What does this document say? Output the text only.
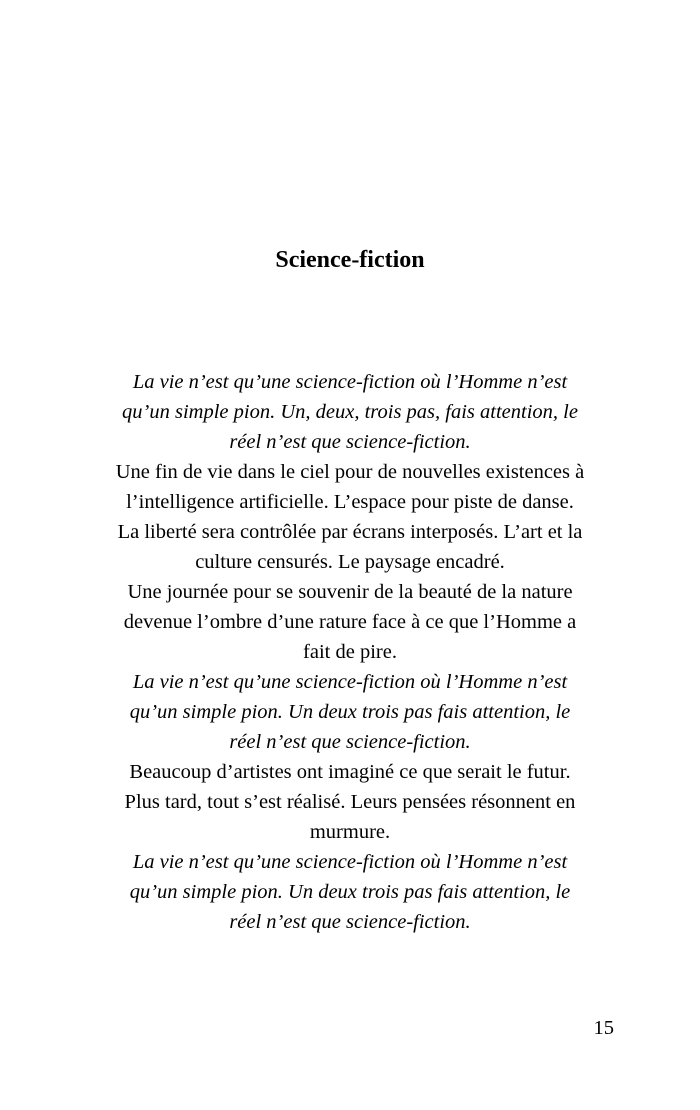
Science-fiction

La vie n’est qu’une science-fiction où l’Homme n’est
qu’un simple pion. Un, deux, trois pas, fais attention, le
réel n’est que science-fiction.

Une fin de vie dans le ciel pour de nouvelles existences à
l’intelligence artificielle. L’espace pour piste de danse.
La liberté sera contrôlée par écrans interposés. L’art et la
culture censurés. Le paysage encadré.

Une journée pour se souvenir de la beauté de la nature
devenue l’ombre d’une rature face à ce que l’Homme a
fait de pire.

La vie n’est qu’une science-fiction où l’Homme n’est
qu’un simple pion. Un deux trois pas fais attention, le
réel n’est que science-fiction.

Beaucoup d’artistes ont imaginé ce que serait le futur.
Plus tard, tout s’est réalisé. Leurs pensées résonnent en
murmure.

La vie n’est qu’une science-fiction où l’Homme n’est
qu’un simple pion. Un deux trois pas fais attention, le
réel n’est que science-fiction.

15
